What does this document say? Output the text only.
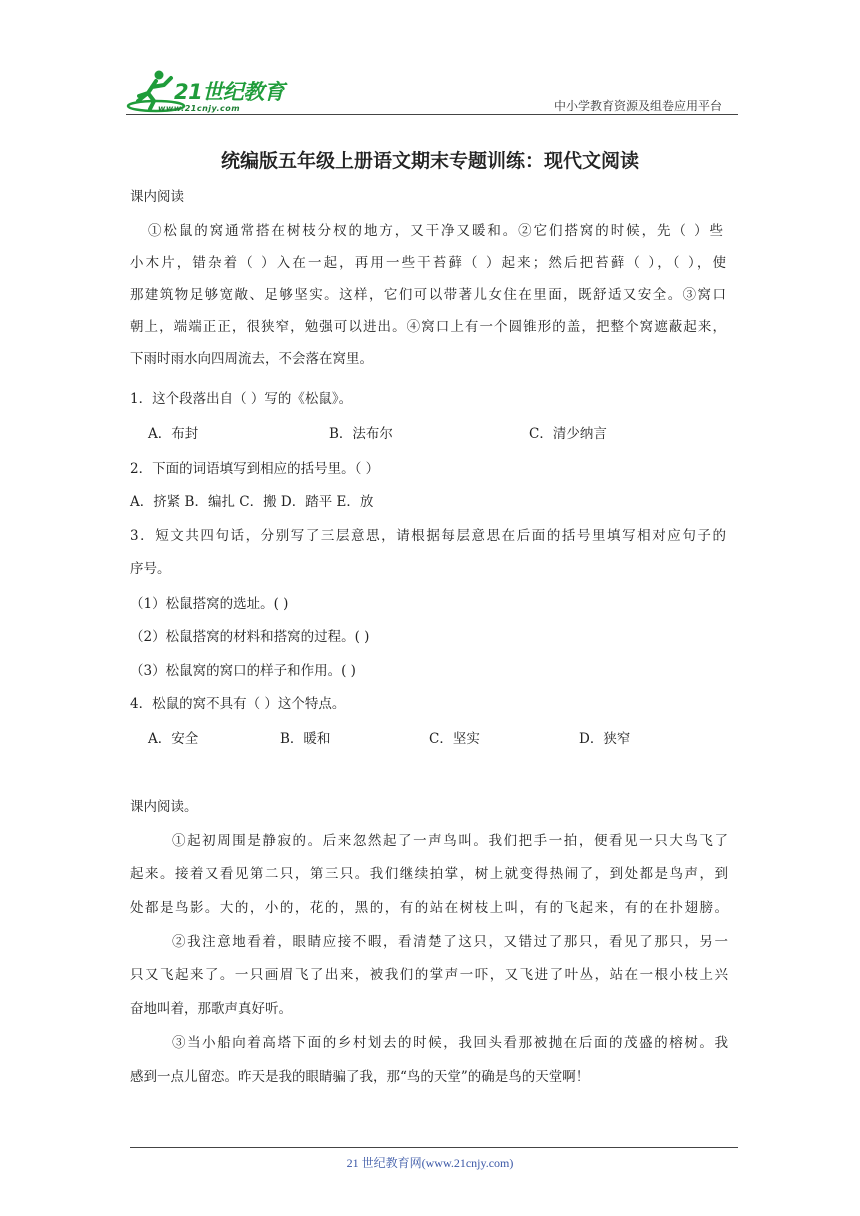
21世纪教育
www.21cnjy.com	中小学教育资源及组卷应用平台
统编版五年级上册语文期末专题训练：现代文阅读
课内阅读
①松鼠的窝通常搭在树枝分杈的地方，又干净又暖和。②它们搭窝的时候，先（ ）些
小木片，错杂着（ ）入在一起，再用一些干苔藓（ ）起来；然后把苔藓（ ），（ ），使
那建筑物足够宽敞、足够坚实。这样，它们可以带著儿女住在里面，既舒适又安全。③窝口
朝上，端端正正，很狭窄，勉强可以进出。④窝口上有一个圆锥形的盖，把整个窝遮蔽起来，
下雨时雨水向四周流去，不会落在窝里。
1．这个段落出自（ ）写的《松鼠》。
A．布封	B．法布尔	C．清少纳言
2．下面的词语填写到相应的括号里。（ ）
A．挤紧 B．编扎 C．搬 D．踏平 E．放
3．短文共四句话，分别写了三层意思，请根据每层意思在后面的括号里填写相对应句子的
序号。
（1）松鼠搭窝的选址。( )
（2）松鼠搭窝的材料和搭窝的过程。( )
（3）松鼠窝的窝口的样子和作用。( )
4．松鼠的窝不具有（ ）这个特点。
A．安全	B．暖和	C．坚实	D．狭窄
课内阅读。
①起初周围是静寂的。后来忽然起了一声鸟叫。我们把手一拍，便看见一只大鸟飞了
起来。接着又看见第二只，第三只。我们继续拍掌，树上就变得热闹了，到处都是鸟声，到
处都是鸟影。大的，小的，花的，黑的，有的站在树枝上叫，有的飞起来，有的在扑翅膀。
②我注意地看着，眼睛应接不暇，看清楚了这只，又错过了那只，看见了那只，另一
只又飞起来了。一只画眉飞了出来，被我们的掌声一吓，又飞进了叶丛，站在一根小枝上兴
奋地叫着，那歌声真好听。
③当小船向着高塔下面的乡村划去的时候，我回头看那被抛在后面的茂盛的榕树。我
感到一点儿留恋。昨天是我的眼睛骗了我，那“鸟的天堂”的确是鸟的天堂啊！
21 世纪教育网(www.21cnjy.com)
